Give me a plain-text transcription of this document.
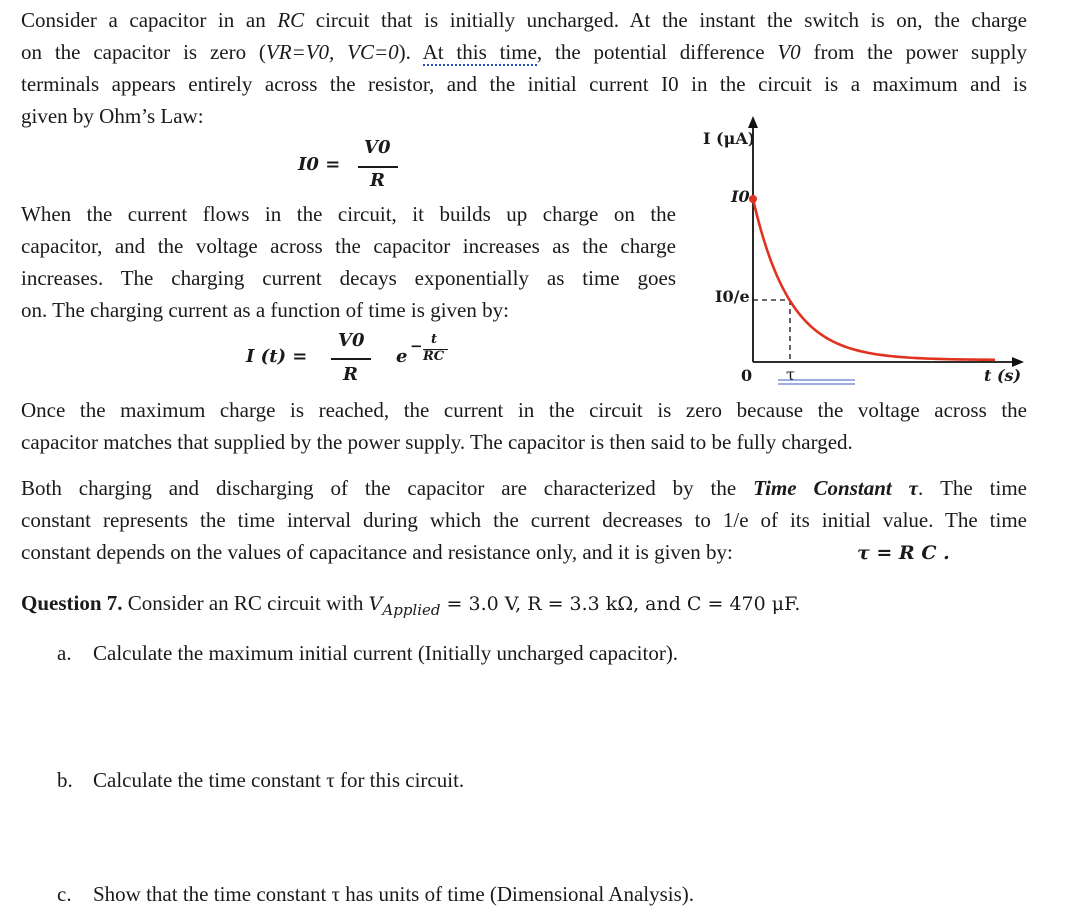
Consider a capacitor in an RC circuit that is initially uncharged. At the instant the switch is on, the charge
on the capacitor is zero (VR=V0, VC=0). At this time, the potential difference V0 from the power supply
terminals appears entirely across the resistor, and the initial current I0 in the circuit is a maximum and is
given by Ohm’s Law:
I0 =
V0
R
When the current flows in the circuit, it builds up charge on the
capacitor, and the voltage across the capacitor increases as the charge
increases. The charging current decays exponentially as time goes
on. The charging current as a function of time is given by:
I (t) =
V0
R
e − t
RC
I (μA)
I0
I0/e
0 τ	t (s)
Once the maximum charge is reached, the current in the circuit is zero because the voltage across the
capacitor matches that supplied by the power supply. The capacitor is then said to be fully charged.
Both charging and discharging of the capacitor are characterized by the Time Constant τ. The time
constant represents the time interval during which the current decreases to 1/e of its initial value. The time
constant depends on the values of capacitance and resistance only, and it is given by:	τ = R C .
Question 7. Consider an RC circuit with $V_{Applied} = 3.0$ V, R = 3.3 kΩ, and C = 470 μF.
a. Calculate the maximum initial current (Initially uncharged capacitor).
b. Calculate the time constant τ for this circuit.
c. Show that the time constant τ has units of time (Dimensional Analysis).
